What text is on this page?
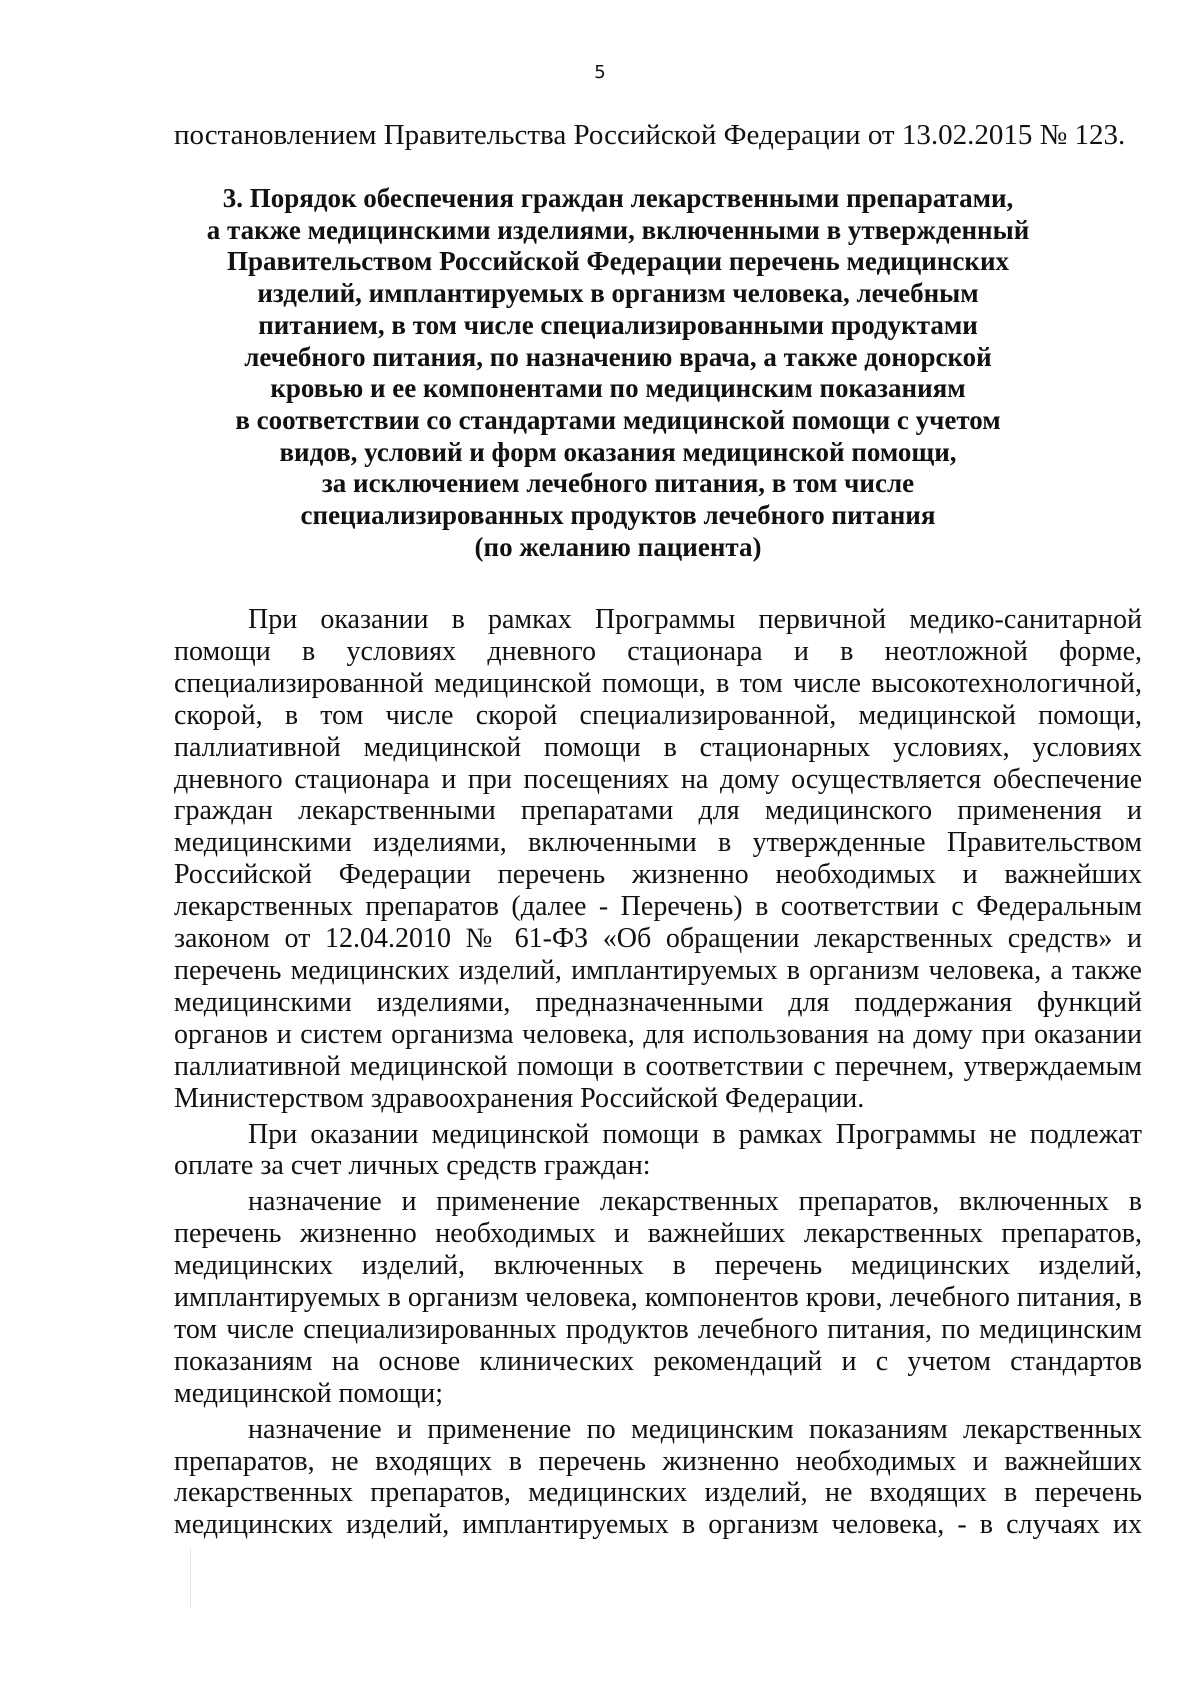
5
постановлением Правительства Российской Федерации от 13.02.2015 № 123.
3. Порядок обеспечения граждан лекарственными препаратами,
а также медицинскими изделиями, включенными в утвержденный
Правительством Российской Федерации перечень медицинских
изделий, имплантируемых в организм человека, лечебным
питанием, в том числе специализированными продуктами
лечебного питания, по назначению врача, а также донорской
кровью и ее компонентами по медицинским показаниям
в соответствии со стандартами медицинской помощи с учетом
видов, условий и форм оказания медицинской помощи,
за исключением лечебного питания, в том числе
специализированных продуктов лечебного питания
(по желанию пациента)

При оказании в рамках Программы первичной медико-санитарной помощи в условиях дневного стационара и в неотложной форме, специализированной медицинской помощи, в том числе высокотехнологичной, скорой, в том числе скорой специализированной, медицинской помощи, паллиативной медицинской помощи в стационарных условиях, условиях дневного стационара и при посещениях на дому осуществляется обеспечение граждан лекарственными препаратами для медицинского применения и медицинскими изделиями, включенными в утвержденные Правительством Российской Федерации перечень жизненно необходимых и важнейших лекарственных препаратов (далее - Перечень) в соответствии с Федеральным законом от 12.04.2010 № 61-ФЗ «Об обращении лекарственных средств» и перечень медицинских изделий, имплантируемых в организм человека, а также медицинскими изделиями, предназначенными для поддержания функций органов и систем организма человека, для использования на дому при оказании паллиативной медицинской помощи в соответствии с перечнем, утверждаемым Министерством здравоохранения Российской Федерации.

При оказании медицинской помощи в рамках Программы не подлежат оплате за счет личных средств граждан:

назначение и применение лекарственных препаратов, включенных в перечень жизненно необходимых и важнейших лекарственных препаратов, медицинских изделий, включенных в перечень медицинских изделий, имплантируемых в организм человека, компонентов крови, лечебного питания, в том числе специализированных продуктов лечебного питания, по медицинским показаниям на основе клинических рекомендаций и с учетом стандартов медицинской помощи;

назначение и применение по медицинским показаниям лекарственных препаратов, не входящих в перечень жизненно необходимых и важнейших лекарственных препаратов, медицинских изделий, не входящих в перечень медицинских изделий, имплантируемых в организм человека, - в случаях их
